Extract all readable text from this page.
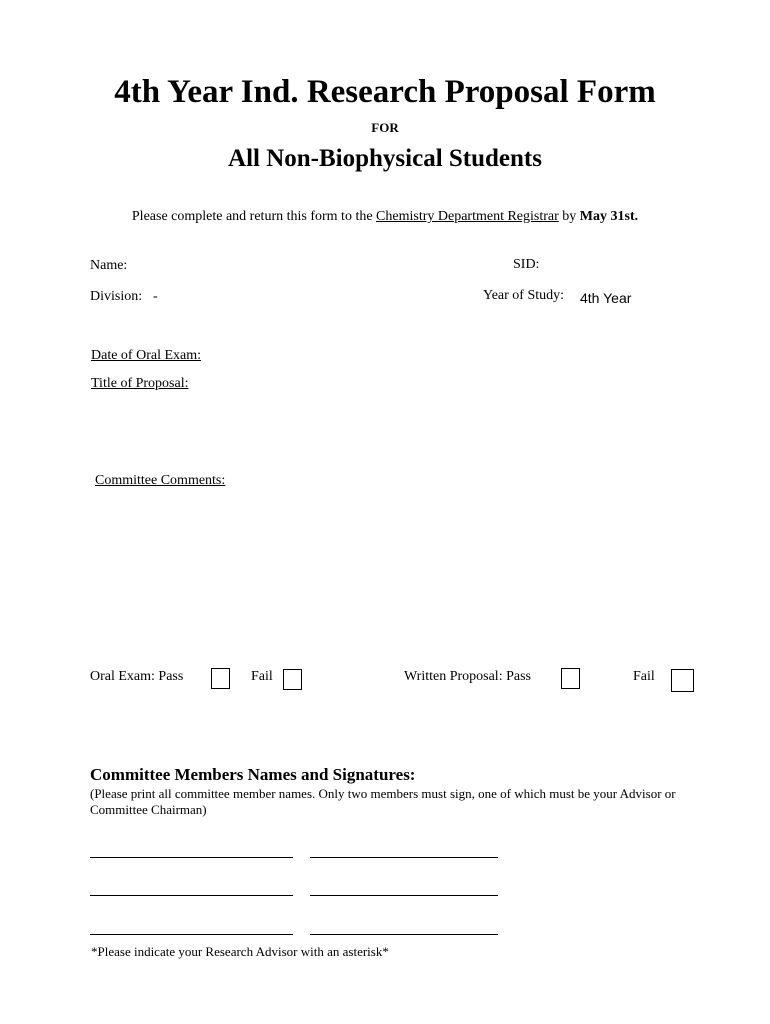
4th Year Ind. Research Proposal Form
FOR
All Non-Biophysical Students
Please complete and return this form to the Chemistry Department Registrar by May 31st.
Name:	SID:
Division: -	Year of Study: 4th Year
Date of Oral Exam:
Title of Proposal:
Committee Comments:
Oral Exam: Pass	Fail	Written Proposal: Pass	Fail
Committee Members Names and Signatures:
(Please print all committee member names. Only two members must sign, one of which must be your Advisor or Committee Chairman)
*Please indicate your Research Advisor with an asterisk*
